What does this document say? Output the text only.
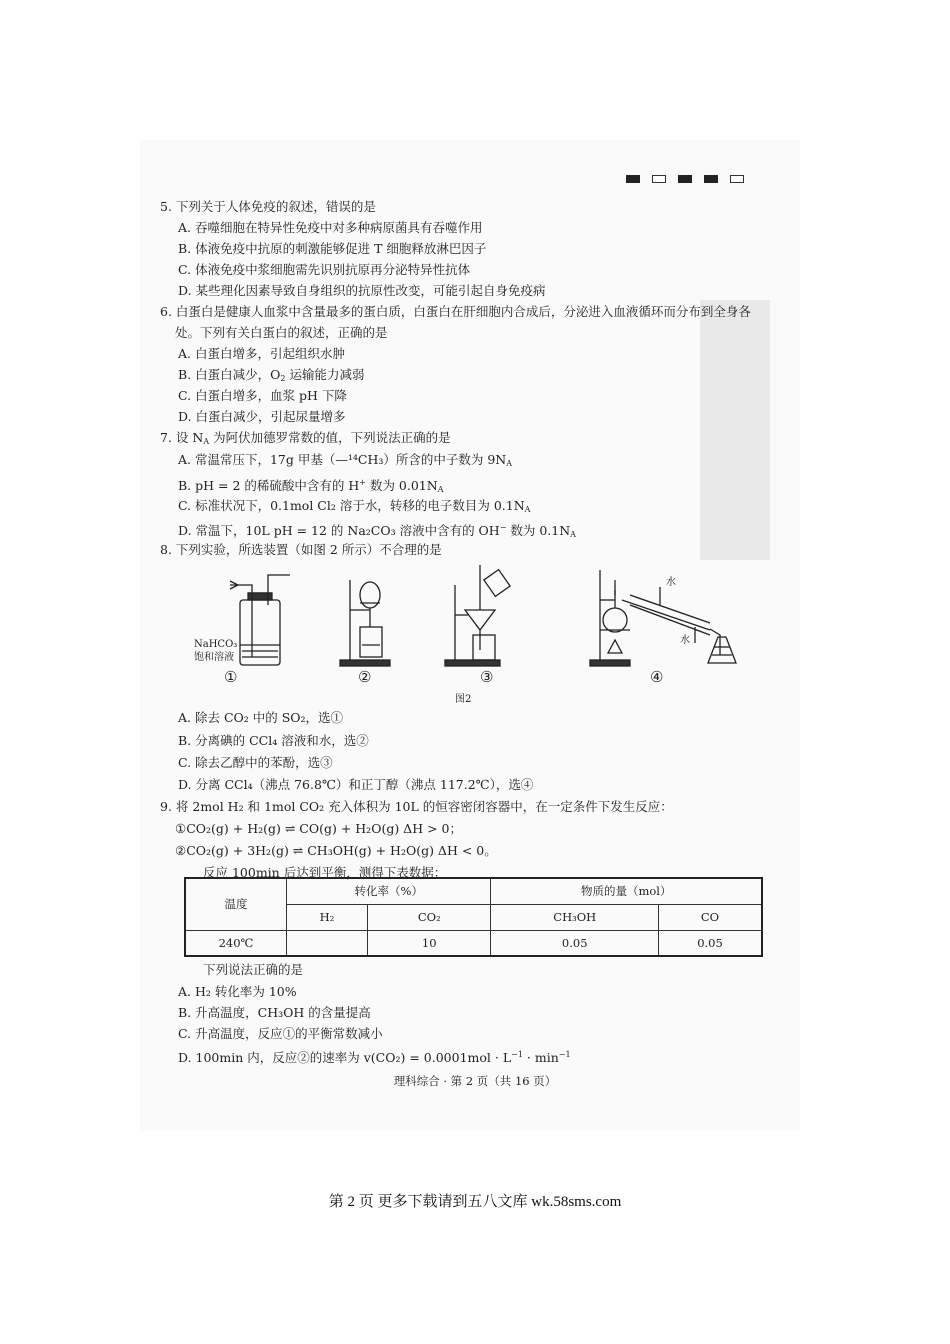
5. 下列关于人体免疫的叙述，错误的是
A. 吞噬细胞在特异性免疫中对多种病原菌具有吞噬作用
B. 体液免疫中抗原的刺激能够促进 T 细胞释放淋巴因子
C. 体液免疫中浆细胞需先识别抗原再分泌特异性抗体
D. 某些理化因素导致自身组织的抗原性改变，可能引起自身免疫病
6. 白蛋白是健康人血浆中含量最多的蛋白质，白蛋白在肝细胞内合成后，分泌进入血液循环而分布到全身各
处。下列有关白蛋白的叙述，正确的是
A. 白蛋白增多，引起组织水肿
B. 白蛋白减少，$O_2$ 运输能力减弱
C. 白蛋白增多，血浆 pH 下降
D. 白蛋白减少，引起尿量增多
7. 设 $N_A$ 为阿伏加德罗常数的值，下列说法正确的是
A. 常温常压下，17g 甲基（—¹⁴CH₃）所含的中子数为 $9N_A$
B. pH = 2 的稀硫酸中含有的 H+ 数为 $0.01N_A$
C. 标准状况下，0.1mol Cl₂ 溶于水，转移的电子数目为 $0.1N_A$
D. 常温下，10L pH = 12 的 Na₂CO₃ 溶液中含有的 OH− 数为 $0.1N_A$
8. 下列实验，所选装置（如图 2 所示）不合理的是
NaHCO₃
饱和溶液
水
水
①	②	③	④
图2
A. 除去 CO₂ 中的 SO₂，选①
B. 分离碘的 CCl₄ 溶液和水，选②
C. 除去乙醇中的苯酚，选③
D. 分离 CCl₄（沸点 76.8℃）和正丁醇（沸点 117.2℃），选④
9. 将 2mol H₂ 和 1mol CO₂ 充入体积为 10L 的恒容密闭容器中，在一定条件下发生反应：
①CO₂(g) + H₂(g) ⇌ CO(g) + H₂O(g) ΔH > 0；
②CO₂(g) + 3H₂(g) ⇌ CH₃OH(g) + H₂O(g) ΔH < 0。
反应 100min 后达到平衡，测得下表数据：
温度	转化率（%）		物质的量（mol）	
	H₂	CO₂	CH₃OH	CO
240℃		10	0.05	0.05
下列说法正确的是
A. H₂ 转化率为 10%
B. 升高温度，CH₃OH 的含量提高
C. 升高温度，反应①的平衡常数减小
D. 100min 内，反应②的速率为 $v(CO_2) = 0.0001mol \cdot L^{-1} \cdot \min^{-1}$
理科综合 · 第 2 页（共 16 页）
第 2 页 更多下载请到五八文库 wk.58sms.com
